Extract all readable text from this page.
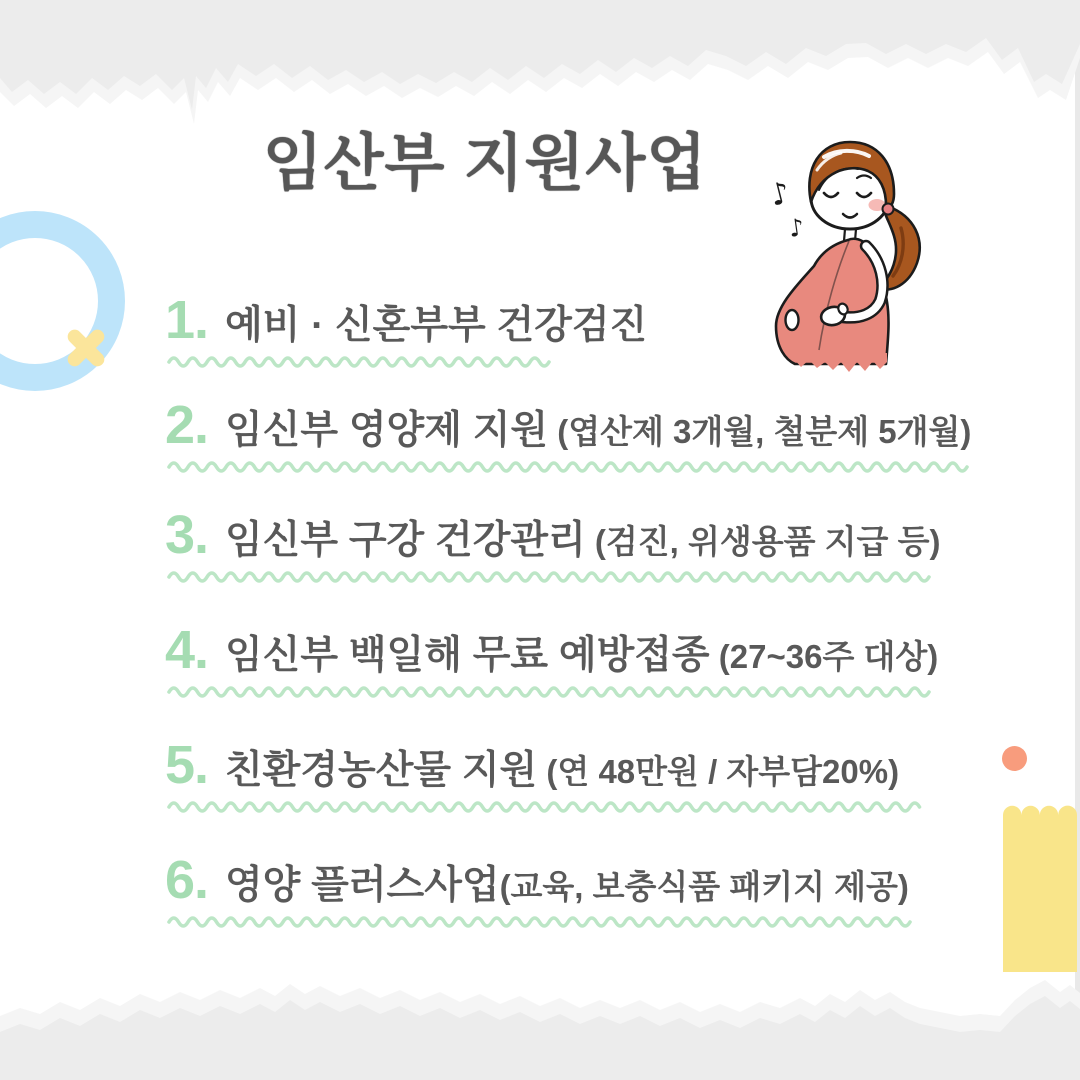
임산부 지원사업	♪
♪
1. 예비 · 신혼부부 건강검진
2. 임신부 영양제 지원 (엽산제 3개월, 철분제 5개월)
3. 임신부 구강 건강관리 (검진, 위생용품 지급 등)
4. 임신부 백일해 무료 예방접종 (27~36주 대상)
5. 친환경농산물 지원 (연 48만원 / 자부담20%)
6. 영양 플러스사업(교육, 보충식품 패키지 제공)
